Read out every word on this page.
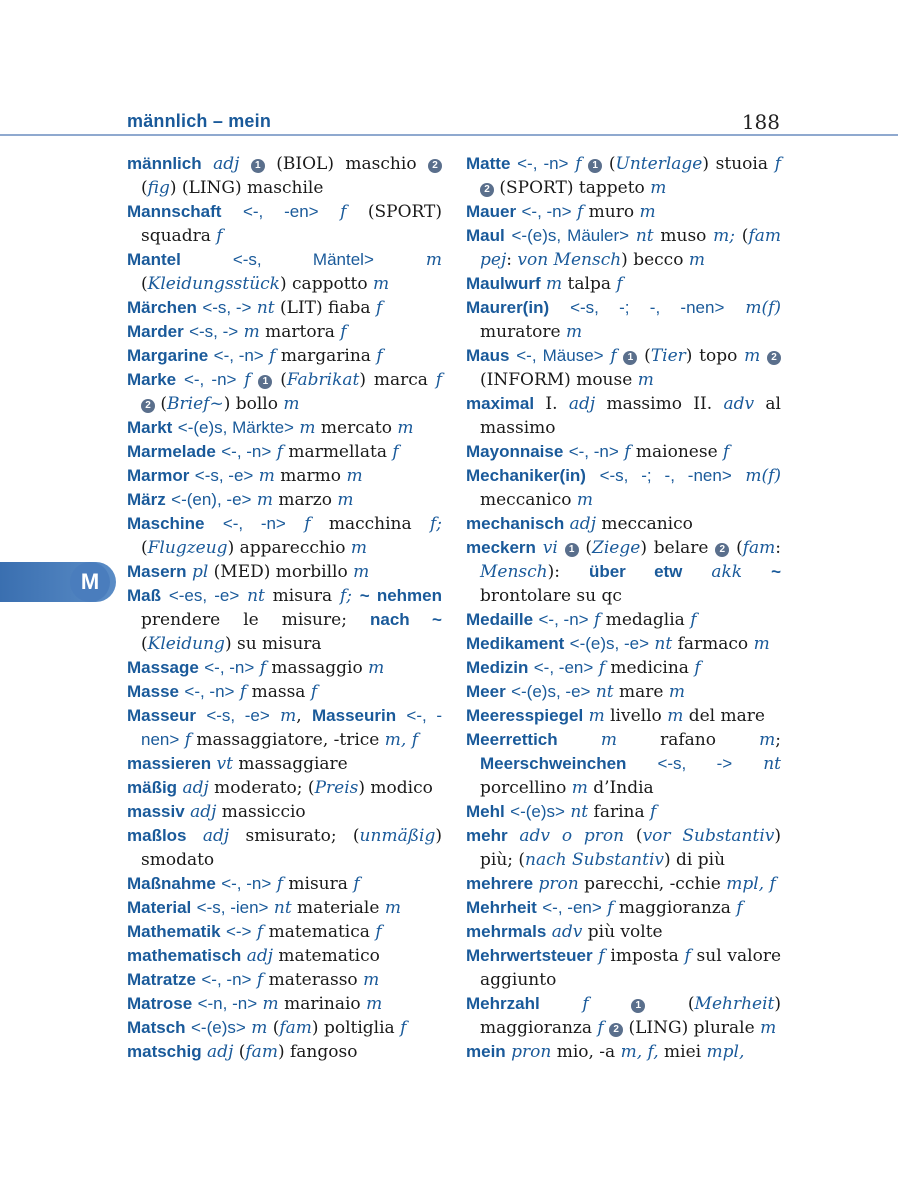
männlich – mein	188
M

männlich adj 1 (BIOL) maschio 2 (fig) (LING) maschile

Mannschaft <-, -en> f (SPORT) squadra f

Mantel	<-s, Mäntel>	m (Kleidungsstück) cappotto m

Märchen <-s, -> nt (LIT) fiaba f

Marder <-s, -> m martora f

Margarine <-, -n> f margarina f

Marke <-, -n> f 1 (Fabrikat) marca f 2 (Brief~) bollo m

Markt <-(e)s, Märkte> m mercato m

Marmelade <-, -n> f marmellata f

Marmor <-s, -e> m marmo m

März <-(en), -e> m marzo m

Maschine <-, -n> f macchina f; (Flugzeug) apparecchio m

Masern pl (MED) morbillo m

Maß <-es, -e> nt misura f; ~ nehmen prendere le misure; nach ~ (Kleidung) su misura

Massage <-, -n> f massaggio m

Masse <-, -n> f massa f

Masseur <-s, -e> m, Masseurin <-, -nen> f massaggiatore, -trice m, f

massieren vt massaggiare

mäßig adj moderato; (Preis) modico

massiv adj massiccio

maßlos adj smisurato; (unmäßig) smodato

Maßnahme <-, -n> f misura f

Material <-s, -ien> nt materiale m

Mathematik <-> f matematica f

mathematisch adj matematico

Matratze <-, -n> f materasso m

Matrose <-n, -n> m marinaio m

Matsch <-(e)s> m (fam) poltiglia f

matschig adj (fam) fangoso

Matte <-, -n> f 1 (Unterlage) stuoia f 2 (SPORT) tappeto m

Mauer <-, -n> f muro m

Maul <-(e)s, Mäuler> nt muso m; (fam pej: von Mensch) becco m

Maulwurf m talpa f

Maurer(in) <-s, -; -, -nen> m(f) muratore m

Maus <-, Mäuse> f 1 (Tier) topo m 2 (INFORM) mouse m

maximal I. adj massimo II. adv al massimo

Mayonnaise <-, -n> f maionese f

Mechaniker(in) <-s, -; -, -nen> m(f) meccanico m

mechanisch adj meccanico

meckern vi 1 (Ziege) belare 2 (fam: Mensch): über etw akk ~ brontolare su qc

Medaille <-, -n> f medaglia f

Medikament <-(e)s, -e> nt farmaco m

Medizin <-, -en> f medicina f

Meer <-(e)s, -e> nt mare m

Meeresspiegel m livello m del mare

Meerrettich	m rafano m; Meerschweinchen <-s, -> nt porcellino m d’India

Mehl <-(e)s> nt farina f

mehr adv o pron (vor Substantiv) più; (nach Substantiv) di più

mehrere pron parecchi, -cchie mpl, f

Mehrheit <-, -en> f maggioranza f

mehrmals adv più volte

Mehrwertsteuer f imposta f sul valore aggiunto

Mehrzahl	f	1 (Mehrheit) maggioranza f 2 (LING) plurale m

mein pron mio, -a m, f, miei mpl,
